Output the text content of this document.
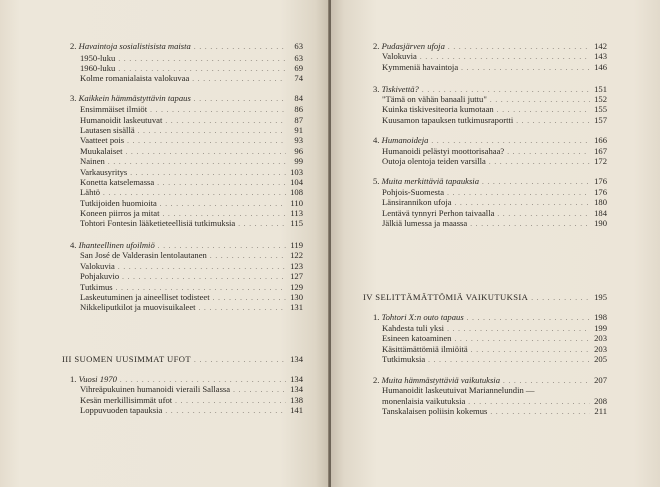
2. Havaintoja sosialistisista maista . . .	63
1950-luku . . .	63
1960-luku . . .	69
Kolme romanialaista valokuvaa . . .	74
3. Kaikkein hämmästyttävin tapaus . . .	84
Ensimmäiset ilmiöt . . .	86
Humanoidit laskeutuvat . . .	87
Lautasen sisällä . . .	91
Vaatteet pois . . .	93
Muukalaiset . . .	96
Nainen . . .	99
Varkausyritys . . .	103
Konetta katselemassa . . .	104
Lähtö . . .	108
Tutkijoiden huomioita . . .	110
Koneen piirros ja mitat . . .	113
Tohtori Fontesin lääketieteellisiä tutkimuksia . . .	115
4. Ihanteellinen ufoilmiö . . .	119
San José de Valderasin lentolautanen . . .	122
Valokuvia . . .	123
Pohjakuvio . . .	127
Tutkimus . . .	129
Laskeutuminen ja aineelliset todisteet . . .	130
Nikkeliputkilot ja muovisuikaleet . . .	131
III SUOMEN UUSIMMAT UFOT . . .	134
1. Vuosi 1970 . . .	134
Vihreäpukuinen humanoidi vieraili Sallassa . . .	134
Kesän merkillisimmät ufot . . .	138
Loppuvuoden tapauksia . . .	141
2. Pudasjärven ufoja . . .	142
Valokuvia . . .	143
Kymmeniä havaintoja . . .	146
3. Tiskivettä? . . .	151
"Tämä on vähän banaali juttu" . . .	152
Kuinka tiskivesiteoria kumotaan . . .	155
Kuusamon tapauksen tutkimusraportti . . .	157
4. Humanoideja . . .	166
Humanoidi pelästyi moottorisahaa? . . .	167
Outoja olentoja teiden varsilla . . .	172
5. Muita merkittäviä tapauksia . . .	176
Pohjois-Suomesta . . .	176
Länsirannikon ufoja . . .	180
Lentävä tynnyri Perhon taivaalla . . .	184
Jälkiä lumessa ja maassa . . .	190
IV SELITTÄMÄTTÖMIÄ VAIKUTUKSIA . . .	195
1. Tohtori X:n outo tapaus . . .	198
Kahdesta tuli yksi . . .	199
Esineen katoaminen . . .	203
Käsittämättömiä ilmiöitä . . .	203
Tutkimuksia . . .	205
2. Muita hämmästyttäviä vaikutuksia . . .	207
Humanoidit laskeutuivat Mariannelundin —
monenlaisia vaikutuksia . . .	208
Tanskalaisen poliisin kokemus . . .	211
